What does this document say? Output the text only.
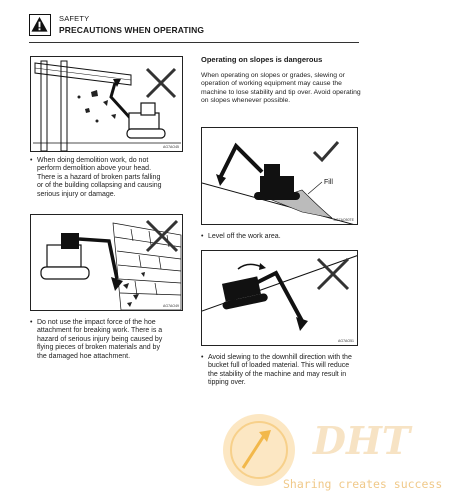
SAFETY
PRECAUTIONS WHEN OPERATING
AG7AO45
• When doing demolition work, do not perform demolition above your head. There is a hazard of broken parts falling or of the building collapsing and causing serious injury or damage.
AG7AO49
• Do not use the impact force of the hoe attachment for breaking work. There is a hazard of serious injury being caused by flying pieces of broken materials and by the damaged hoe attachment.
Operating on slopes is dangerous
When operating on slopes or grades, slewing or operation of working equipment may cause the machine to lose stability and tip over. Avoid operating on slopes whenever possible.
Fill
AG7AO50TE
• Level off the work area.
AG7AO51
• Avoid slewing to the downhill direction with the bucket full of loaded material. This will reduce the stability of the machine and may result in tipping over.
DHT
Sharing creates success
